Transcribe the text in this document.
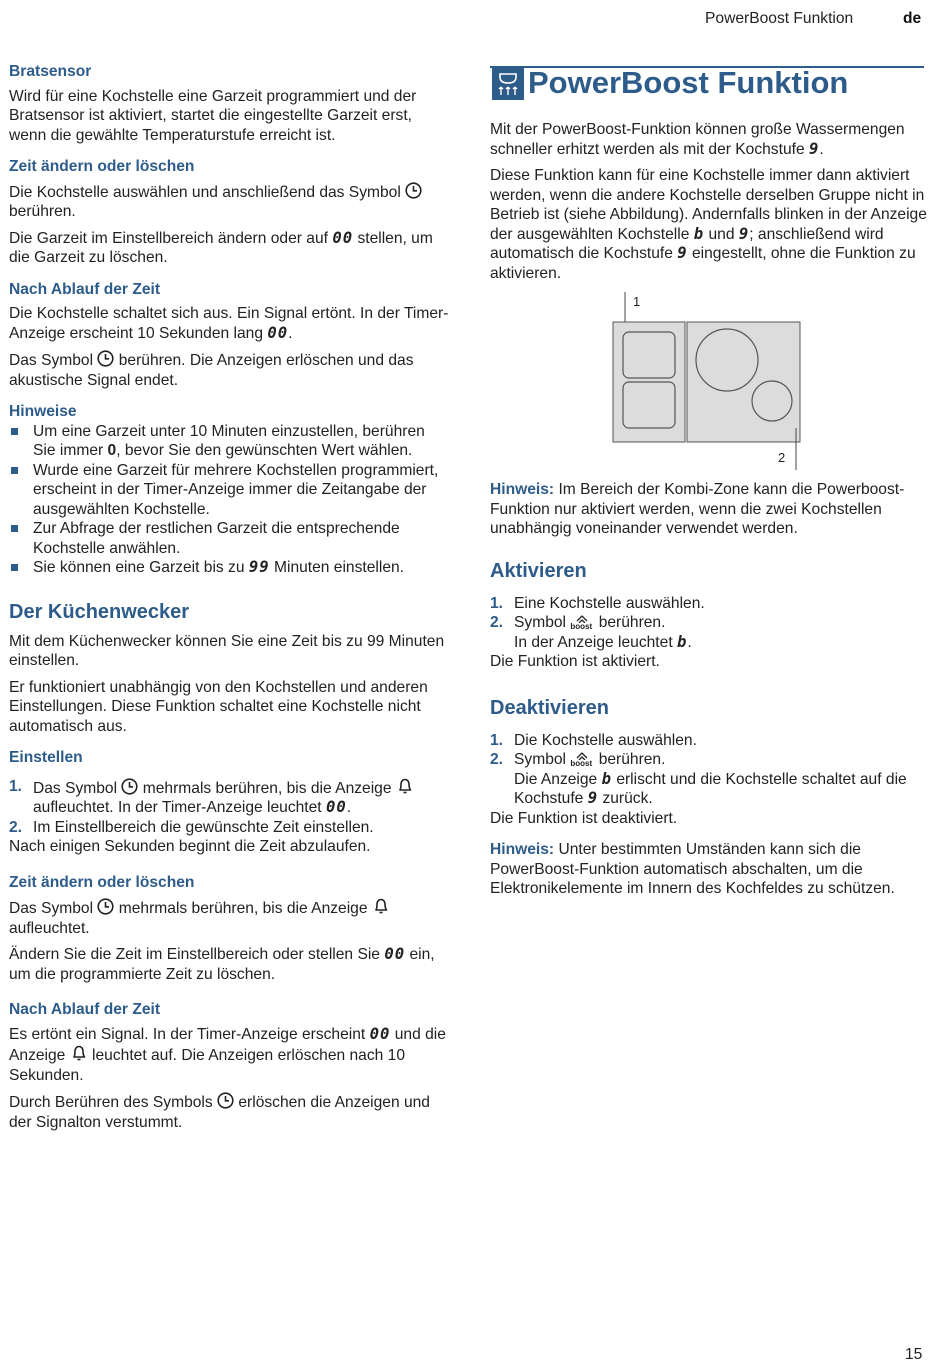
PowerBoost Funktion	de
Bratsensor

Wird für eine Kochstelle eine Garzeit programmiert und der Bratsensor ist aktiviert, startet die eingestellte Garzeit erst, wenn die gewählte Temperaturstufe erreicht ist.

Zeit ändern oder löschen

Die Kochstelle auswählen und anschließend das Symbol  berühren.

Die Garzeit im Einstellbereich ändern oder auf 00 stellen, um die Garzeit zu löschen.

Nach Ablauf der Zeit

Die Kochstelle schaltet sich aus. Ein Signal ertönt. In der Timer-Anzeige erscheint 10 Sekunden lang 00.

Das Symbol berühren. Die Anzeigen erlöschen und das akustische Signal endet.

Hinweise
Um eine Garzeit unter 10 Minuten einzustellen, berühren Sie immer 0, bevor Sie den gewünschten Wert wählen.
Wurde eine Garzeit für mehrere Kochstellen programmiert, erscheint in der Timer-Anzeige immer die Zeitangabe der ausgewählten Kochstelle.
Zur Abfrage der restlichen Garzeit die entsprechende Kochstelle anwählen.
Sie können eine Garzeit bis zu 99 Minuten einstellen.
Der Küchenwecker

Mit dem Küchenwecker können Sie eine Zeit bis zu 99 Minuten einstellen.

Er funktioniert unabhängig von den Kochstellen und anderen Einstellungen. Diese Funktion schaltet eine Kochstelle nicht automatisch aus.

Einstellen
1. Das Symbol mehrmals berühren, bis die Anzeige  aufleuchtet. In der Timer-Anzeige leuchtet 00.
2. Im Einstellbereich die gewünschte Zeit einstellen.

Nach einigen Sekunden beginnt die Zeit abzulaufen.

Zeit ändern oder löschen

Das Symbol mehrmals berühren, bis die Anzeige  aufleuchtet.

Ändern Sie die Zeit im Einstellbereich oder stellen Sie 00 ein, um die programmierte Zeit zu löschen.

Nach Ablauf der Zeit

Es ertönt ein Signal. In der Timer-Anzeige erscheint 00 und die Anzeige leuchtet auf. Die Anzeigen erlöschen nach 10 Sekunden.

Durch Berühren des Symbols erlöschen die Anzeigen und der Signalton verstummt.

PowerBoost Funktion

Mit der PowerBoost-Funktion können große Wassermengen schneller erhitzt werden als mit der Kochstufe 9.

Diese Funktion kann für eine Kochstelle immer dann aktiviert werden, wenn die andere Kochstelle derselben Gruppe nicht in Betrieb ist (siehe Abbildung). Andernfalls blinken in der Anzeige der ausgewählten Kochstelle b und 9; anschließend wird automatisch die Kochstufe 9 eingestellt, ohne die Funktion zu aktivieren.

1
2

Hinweis: Im Bereich der Kombi-Zone kann die Powerboost-Funktion nur aktiviert werden, wenn die zwei Kochstellen unabhängig voneinander verwendet werden.

Aktivieren
1. Eine Kochstelle auswählen.
2. Symbol boost berühren.
In der Anzeige leuchtet b.

Die Funktion ist aktiviert.

Deaktivieren
1. Die Kochstelle auswählen.
2. Symbol boost berühren.
Die Anzeige b erlischt und die Kochstelle schaltet auf die Kochstufe 9 zurück.

Die Funktion ist deaktiviert.

Hinweis: Unter bestimmten Umständen kann sich die PowerBoost-Funktion automatisch abschalten, um die Elektronikelemente im Innern des Kochfeldes zu schützen.

15
